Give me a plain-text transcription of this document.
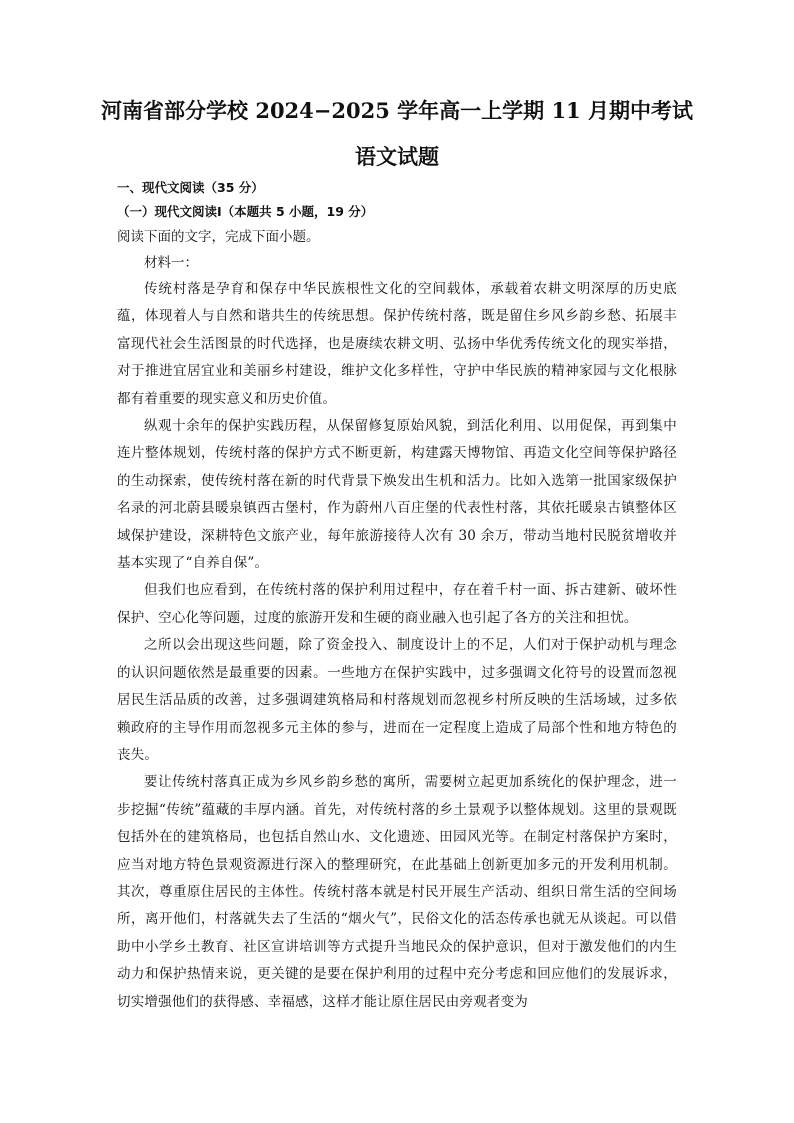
河南省部分学校 2024−2025 学年高一上学期 11 月期中考试
语文试题
一、现代文阅读（35 分）
（一）现代文阅读Ⅰ（本题共 5 小题，19 分）
阅读下面的文字，完成下面小题。
材料一：

传统村落是孕育和保存中华民族根性文化的空间载体，承载着农耕文明深厚的历史底蕴，体现着人与自然和谐共生的传统思想。保护传统村落，既是留住乡风乡韵乡愁、拓展丰富现代社会生活图景的时代选择，也是赓续农耕文明、弘扬中华优秀传统文化的现实举措，对于推进宜居宜业和美丽乡村建设，维护文化多样性，守护中华民族的精神家园与文化根脉都有着重要的现实意义和历史价值。

纵观十余年的保护实践历程，从保留修复原始风貌，到活化利用、以用促保，再到集中连片整体规划，传统村落的保护方式不断更新，构建露天博物馆、再造文化空间等保护路径的生动探索，使传统村落在新的时代背景下焕发出生机和活力。比如入选第一批国家级保护名录的河北蔚县暖泉镇西古堡村，作为蔚州八百庄堡的代表性村落，其依托暖泉古镇整体区域保护建设，深耕特色文旅产业，每年旅游接待人次有 30 余万，带动当地村民脱贫增收并基本实现了“自养自保”。

但我们也应看到，在传统村落的保护利用过程中，存在着千村一面、拆古建新、破坏性保护、空心化等问题，过度的旅游开发和生硬的商业融入也引起了各方的关注和担忧。

之所以会出现这些问题，除了资金投入、制度设计上的不足，人们对于保护动机与理念的认识问题依然是最重要的因素。一些地方在保护实践中，过多强调文化符号的设置而忽视居民生活品质的改善，过多强调建筑格局和村落规划而忽视乡村所反映的生活场域，过多依赖政府的主导作用而忽视多元主体的参与，进而在一定程度上造成了局部个性和地方特色的丧失。

要让传统村落真正成为乡风乡韵乡愁的寓所，需要树立起更加系统化的保护理念，进一步挖掘“传统”蕴藏的丰厚内涵。首先，对传统村落的乡土景观予以整体规划。这里的景观既包括外在的建筑格局，也包括自然山水、文化遗迹、田园风光等。在制定村落保护方案时，应当对地方特色景观资源进行深入的整理研究，在此基础上创新更加多元的开发利用机制。其次，尊重原住居民的主体性。传统村落本就是村民开展生产活动、组织日常生活的空间场所，离开他们，村落就失去了生活的“烟火气”，民俗文化的活态传承也就无从谈起。可以借助中小学乡土教育、社区宣讲培训等方式提升当地民众的保护意识，但对于激发他们的内生动力和保护热情来说，更关键的是要在保护利用的过程中充分考虑和回应他们的发展诉求，切实增强他们的获得感、幸福感，这样才能让原住居民由旁观者变为
